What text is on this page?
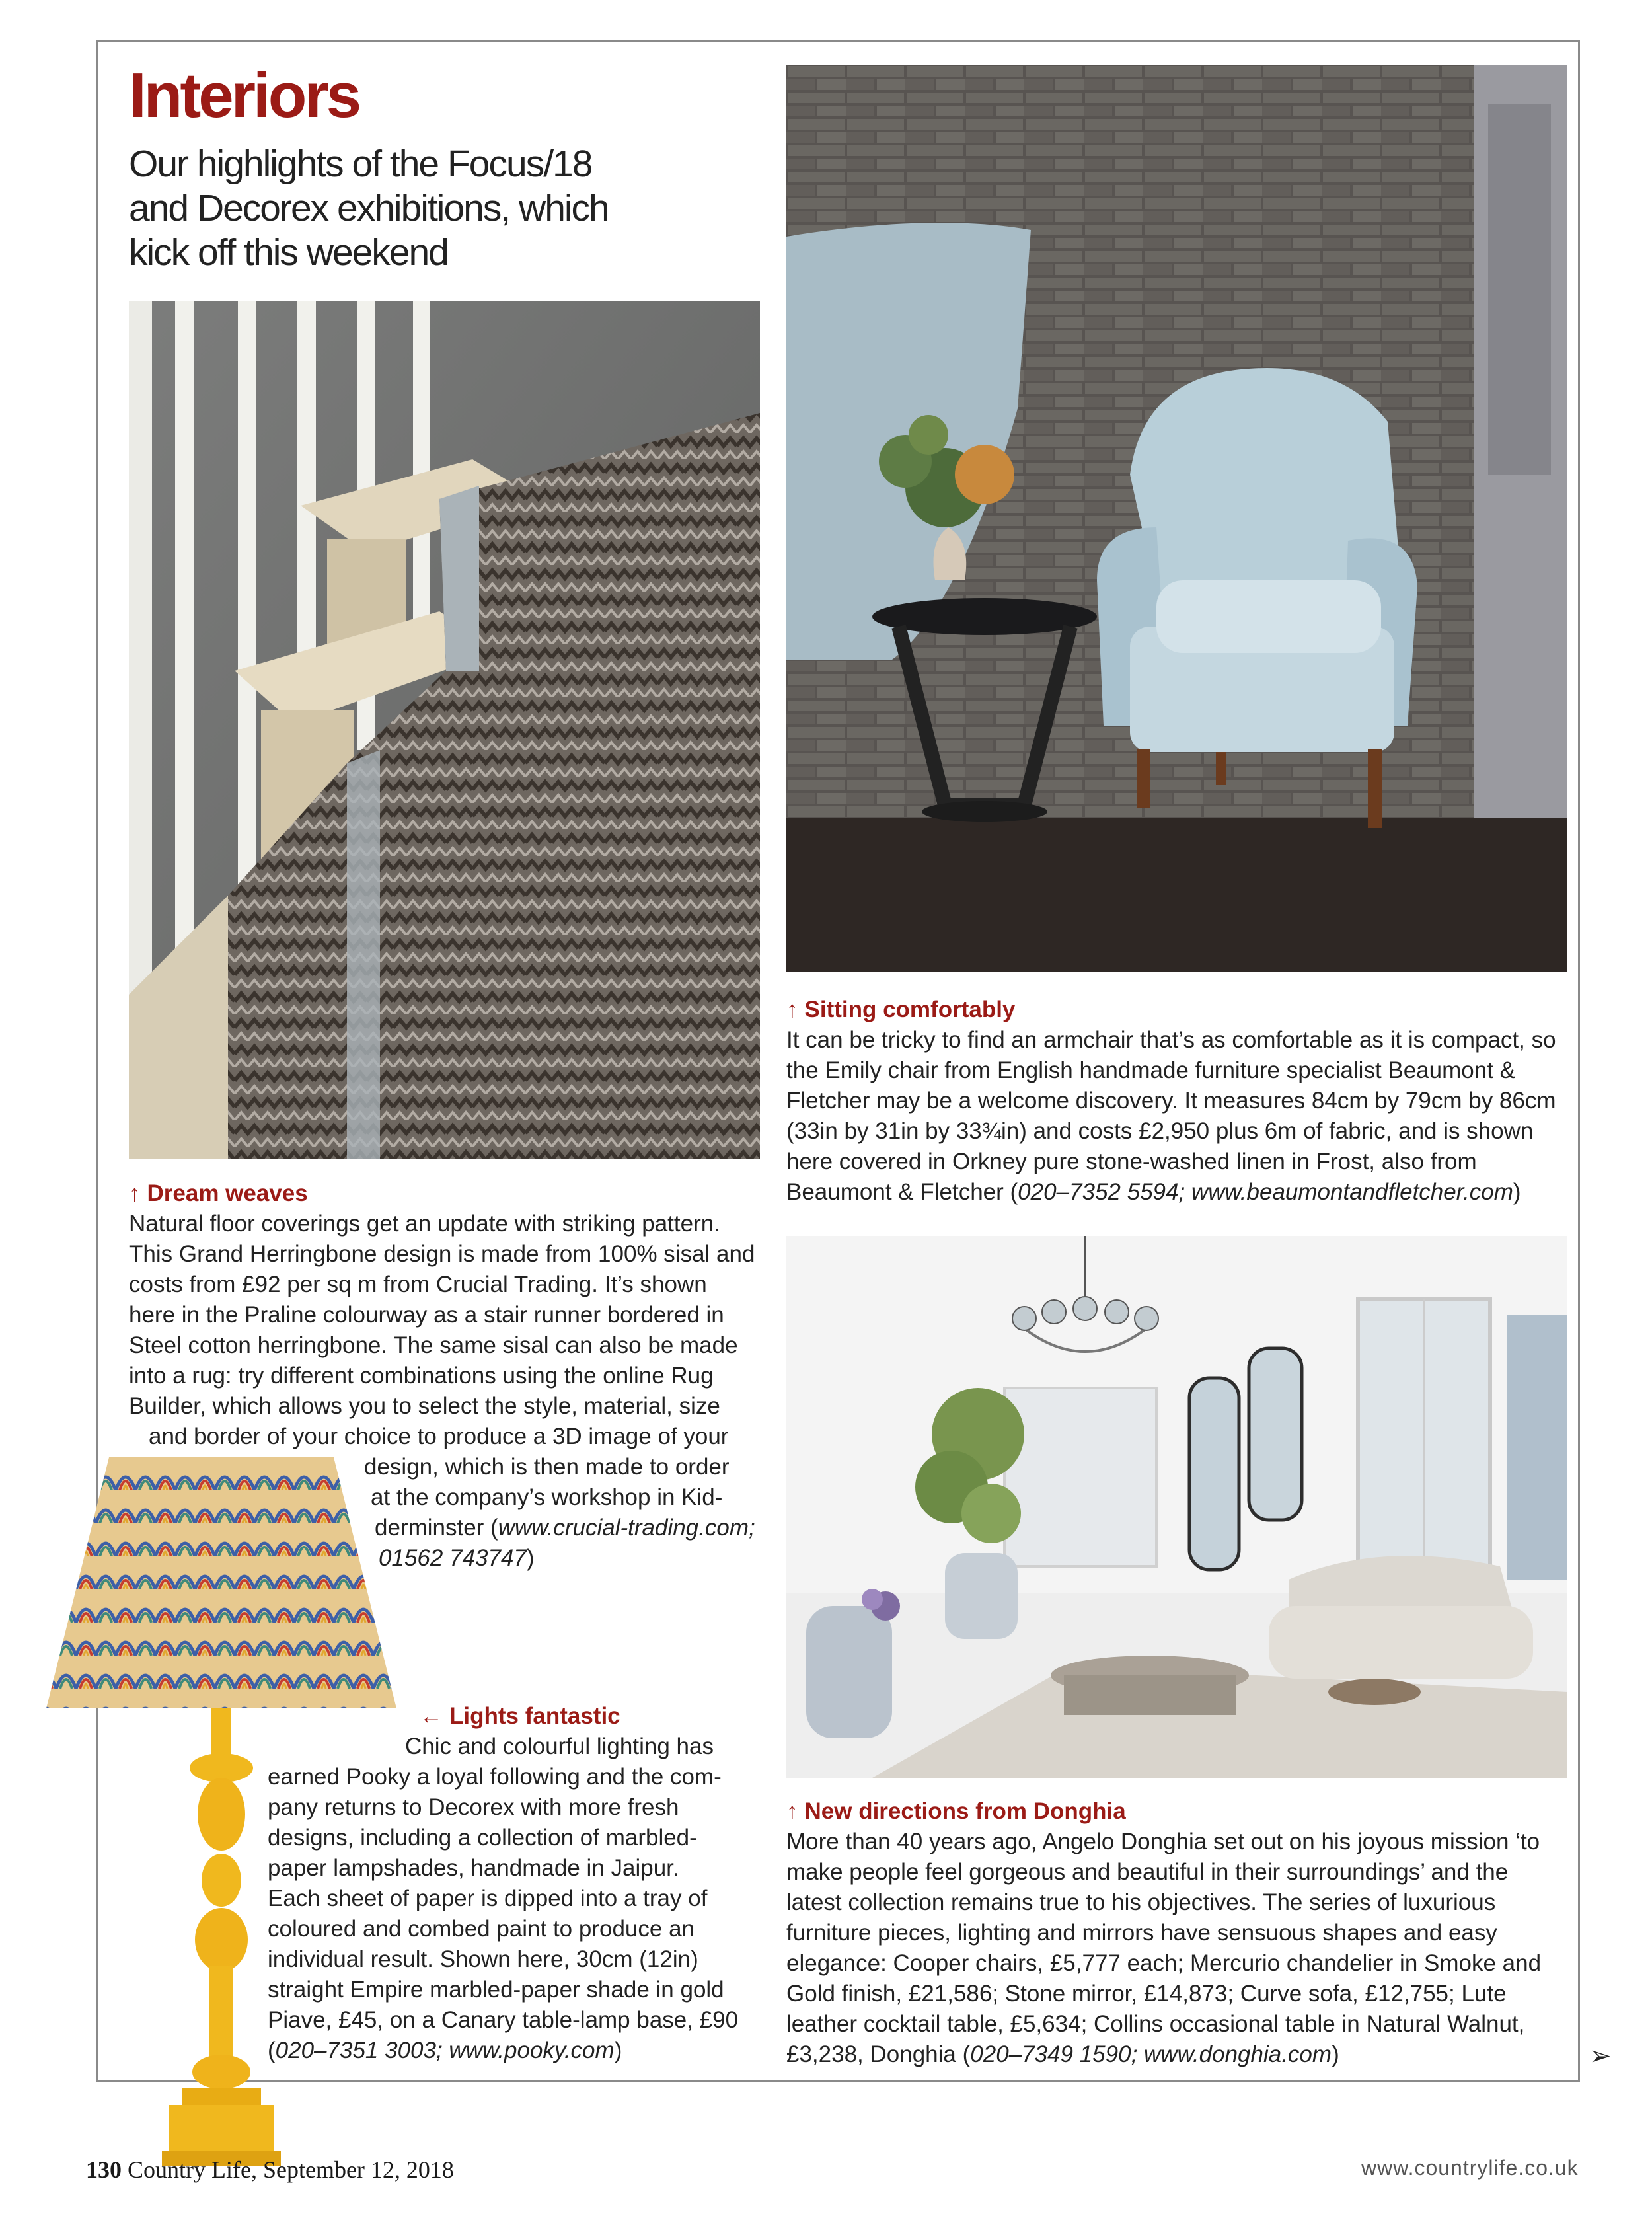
Interiors

Our highlights of the Focus/18 and Decorex exhibitions, which kick off this weekend

↑ Dream weaves

Natural floor coverings get an update with striking pattern. This Grand Herringbone design is made from 100% sisal and costs from £92 per sq m from Crucial Trading. It’s shown here in the Praline colourway as a stair runner bordered in Steel cotton herringbone. The same sisal can also be made into a rug: try different combinations using the online Rug Builder, which allows you to select the style, material, size

and border of your choice to produce a 3D image of your
design, which is then made to order
at the company’s workshop in Kid-
derminster (www.crucial-trading.com;
01562 743747)

↑ Sitting comfortably

It can be tricky to find an armchair that’s as comfortable as it is compact, so the Emily chair from English handmade furniture specialist Beaumont & Fletcher may be a welcome discovery. It measures 84cm by 79cm by 86cm (33in by 31in by 33¾in) and costs £2,950 plus 6m of fabric, and is shown here covered in Orkney pure stone-washed linen in Frost, also from Beaumont & Fletcher (020–7352 5594; www.beaumontandfletcher.com)

← Lights fantastic

Chic and colourful lighting has
earned Pooky a loyal following and the com-
pany returns to Decorex with more fresh
designs, including a collection of marbled-
paper lampshades, handmade in Jaipur.
Each sheet of paper is dipped into a tray of
coloured and combed paint to produce an
individual result. Shown here, 30cm (12in)
straight Empire marbled-paper shade in gold
Piave, £45, on a Canary table-lamp base, £90
(020–7351 3003; www.pooky.com)

↑ New directions from Donghia

More than 40 years ago, Angelo Donghia set out on his joyous mission ‘to make people feel gorgeous and beautiful in their surroundings’ and the latest collection remains true to his objectives. The series of luxurious furniture pieces, lighting and mirrors have sensuous shapes and easy elegance: Cooper chairs, £5,777 each; Mercurio chandelier in Smoke and Gold finish, £21,586; Stone mirror, £14,873; Curve sofa, £12,755; Lute leather cocktail table, £5,634; Collins occasional table in Natural Walnut, £3,238, Donghia (020–7349 1590; www.donghia.com)	➢
130 Country Life, September 12, 2018	www.countrylife.co.uk
